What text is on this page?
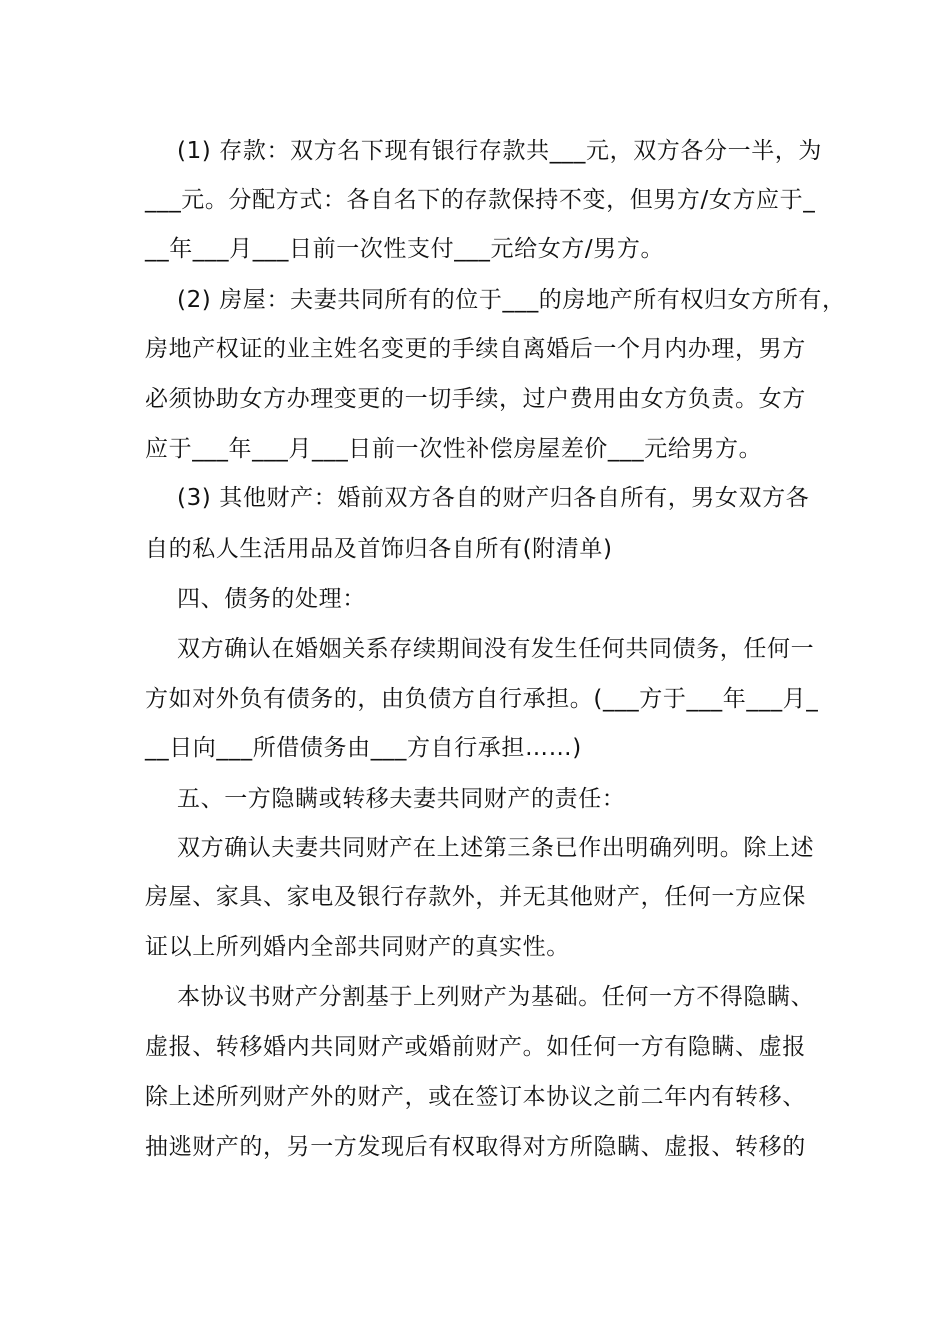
(1) 存款：双方名下现有银行存款共___元，双方各分一半，为
___元。分配方式：各自名下的存款保持不变，但男方/女方应于_
__年___月___日前一次性支付___元给女方/男方。
(2) 房屋：夫妻共同所有的位于___的房地产所有权归女方所有，
房地产权证的业主姓名变更的手续自离婚后一个月内办理，男方
必须协助女方办理变更的一切手续，过户费用由女方负责。女方
应于___年___月___日前一次性补偿房屋差价___元给男方。
(3) 其他财产：婚前双方各自的财产归各自所有，男女双方各
自的私人生活用品及首饰归各自所有(附清单)
四、债务的处理：
双方确认在婚姻关系存续期间没有发生任何共同债务，任何一
方如对外负有债务的，由负债方自行承担。(___方于___年___月_
__日向___所借债务由___方自行承担……)
五、一方隐瞒或转移夫妻共同财产的责任：
双方确认夫妻共同财产在上述第三条已作出明确列明。除上述
房屋、家具、家电及银行存款外，并无其他财产，任何一方应保
证以上所列婚内全部共同财产的真实性。
本协议书财产分割基于上列财产为基础。任何一方不得隐瞒、
虚报、转移婚内共同财产或婚前财产。如任何一方有隐瞒、虚报
除上述所列财产外的财产，或在签订本协议之前二年内有转移、
抽逃财产的，另一方发现后有权取得对方所隐瞒、虚报、转移的
